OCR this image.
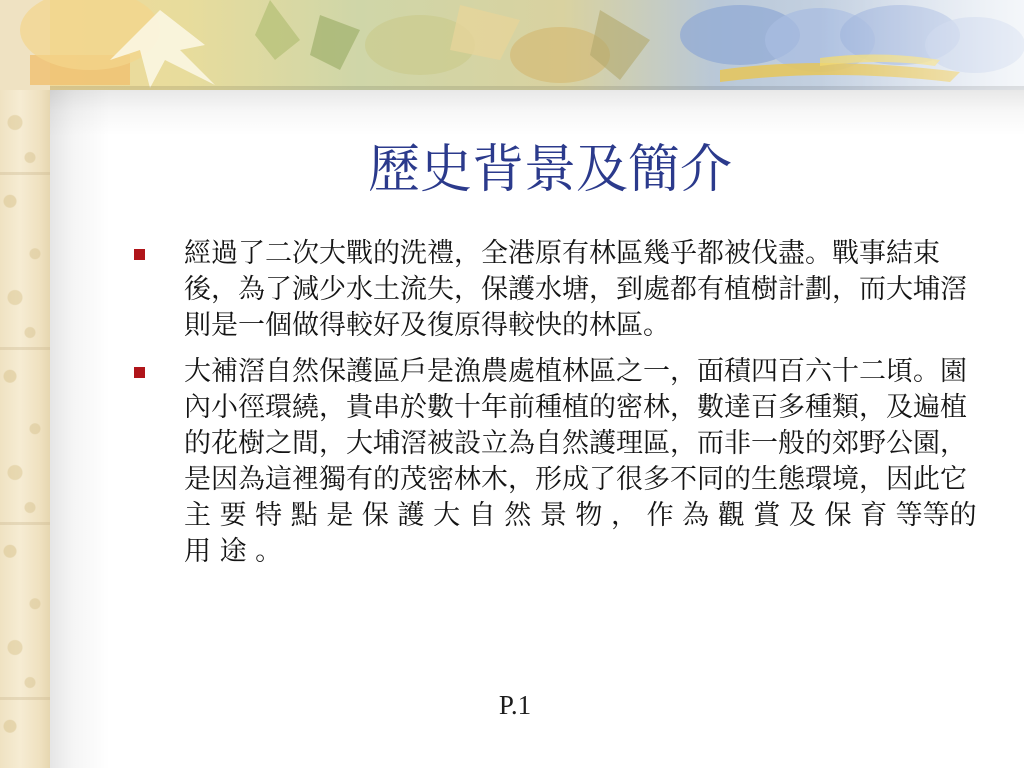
歷史背景及簡介
經過了二次大戰的洗禮，全港原有林區幾乎都被伐盡。戰事結束後，為了減少水土流失，保護水塘，到處都有植樹計劃，而大埔滘則是一個做得較好及復原得較快的林區。
大補滘自然保護區戶是漁農處植林區之一，面積四百六十二頃。園內小徑環繞，貴串於數十年前種植的密林，數達百多種類，及遍植的花樹之間，大埔滘被設立為自然護理區，而非一般的郊野公園，是因為這裡獨有的茂密林木，形成了很多不同的生態環境，因此它主 要 特 點 是 保 護 大 自 然 景 物 ， 作 為 觀 賞 及 保 育 等等的用 途 。
P.1
